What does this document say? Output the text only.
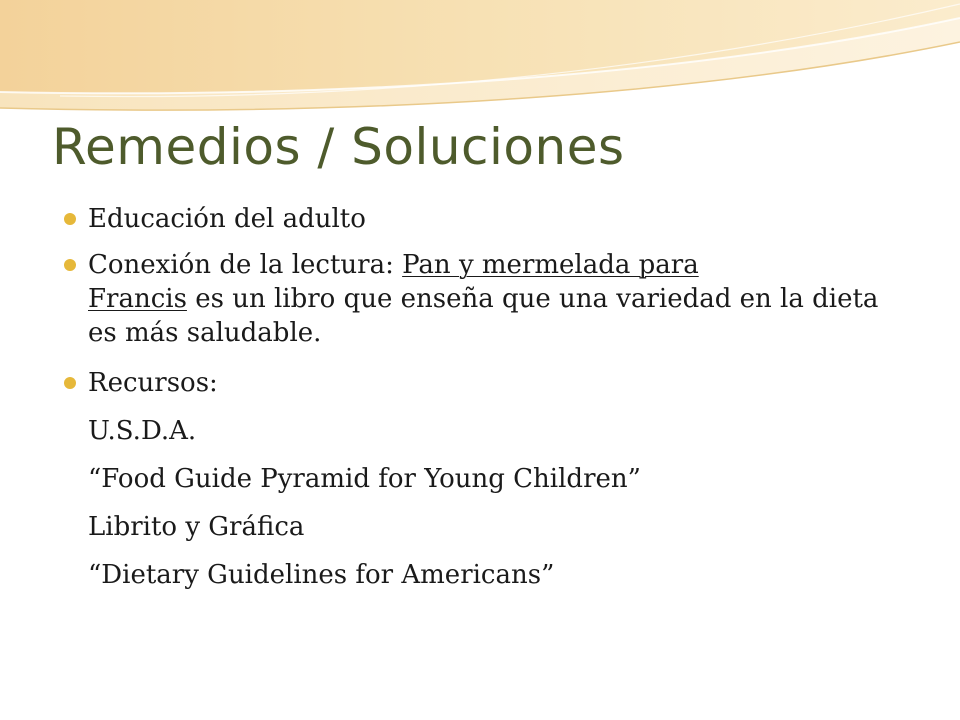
Remedios / Soluciones
Educación del adulto
Conexión de la lectura: Pan y mermelada para
Francis es un libro que enseña que una variedad en la dieta es más saludable.
Recursos:
U.S.D.A.
“Food Guide Pyramid for Young Children”
Librito y Gráfica
“Dietary Guidelines for Americans”
